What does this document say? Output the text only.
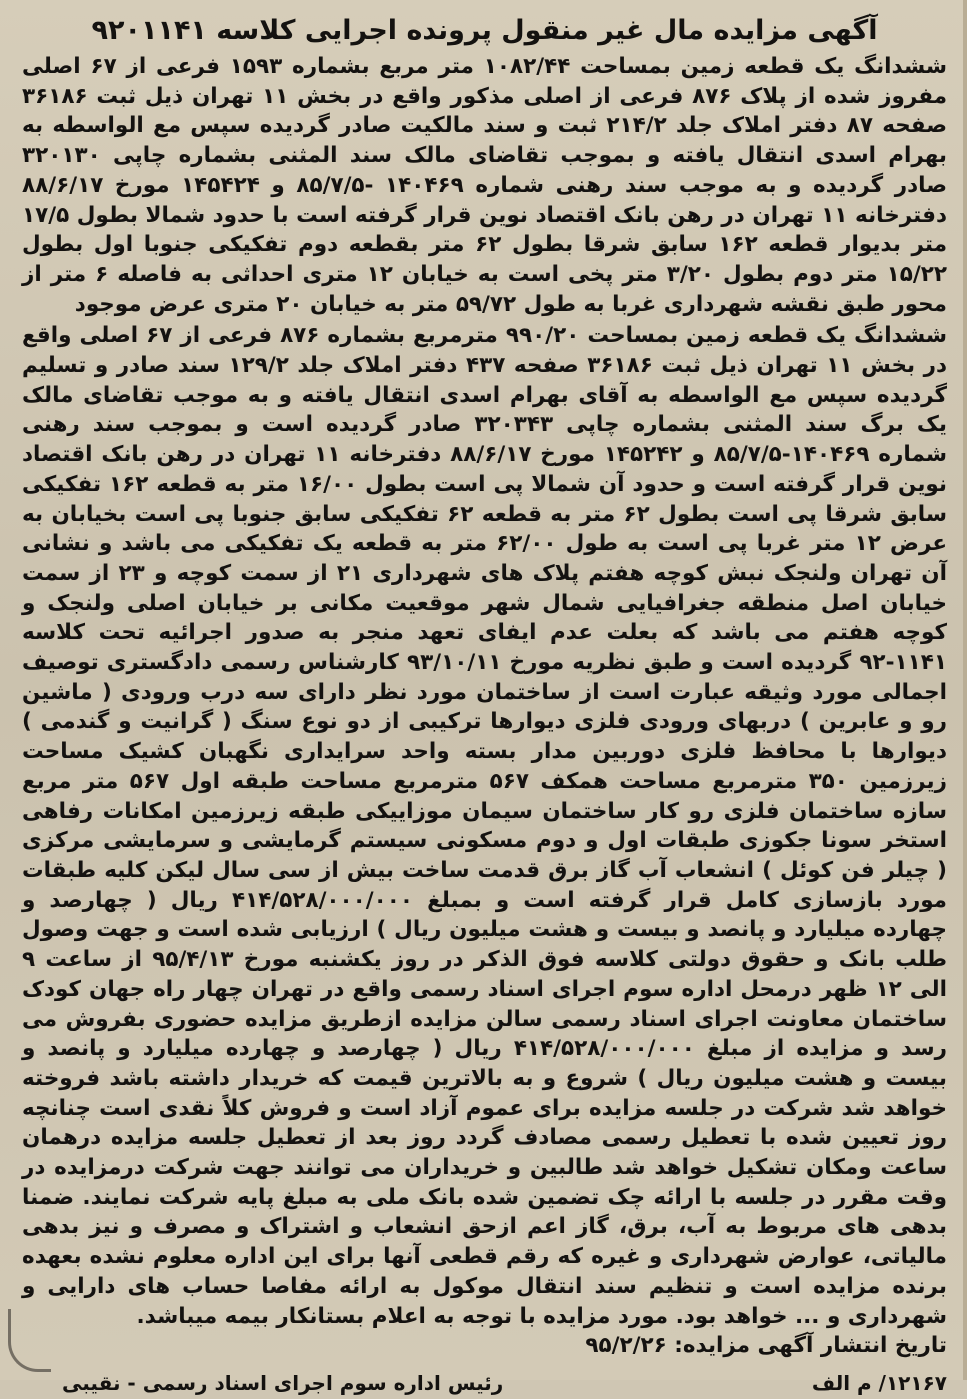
آگهی مزایده مال غیر منقول پرونده اجرایی کلاسه ۹۲۰۱۱۴۱

ششدانگ یک قطعه زمین بمساحت ۱۰۸۲/۴۴ متر مربع بشماره ۱۵۹۳ فرعی از ۶۷ اصلی مفروز شده از پلاک ۸۷۶ فرعی از اصلی مذکور واقع در بخش ۱۱ تهران ذیل ثبت ۳۶۱۸۶ صفحه ۸۷ دفتر املاک جلد ۲۱۴/۲ ثبت و سند مالکیت صادر گردیده سپس مع الواسطه به بهرام اسدی انتقال یافته و بموجب تقاضای مالک سند المثنی بشماره چاپی ۳۲۰۱۳۰ صادر گردیده و به موجب سند رهنی شماره ۱۴۰۴۶۹ -۸۵/۷/۵ و ۱۴۵۴۲۴ مورخ ۸۸/۶/۱۷ دفترخانه ۱۱ تهران در رهن بانک اقتصاد نوین قرار گرفته است با حدود شمالا بطول ۱۷/۵ متر بدیوار قطعه ۱۶۲ سابق شرقا بطول ۶۲ متر بقطعه دوم تفکیکی جنوبا اول بطول ۱۵/۲۲ متر دوم بطول ۳/۲۰ متر پخی است به خیابان ۱۲ متری احداثی به فاصله ۶ متر از محور طبق نقشه شهرداری غربا به طول ۵۹/۷۲ متر به خیابان ۲۰ متری عرض موجود

ششدانگ یک قطعه زمین بمساحت ۹۹۰/۲۰ مترمربع بشماره ۸۷۶ فرعی از ۶۷ اصلی واقع در بخش ۱۱ تهران ذیل ثبت ۳۶۱۸۶ صفحه ۴۳۷ دفتر املاک جلد ۱۲۹/۲ سند صادر و تسلیم گردیده سپس مع الواسطه به آقای بهرام اسدی انتقال یافته و به موجب تقاضای مالک یک برگ سند المثنی بشماره چاپی ۳۲۰۳۴۳ صادر گردیده است و بموجب سند رهنی شماره ۱۴۰۴۶۹-۸۵/۷/۵ و ۱۴۵۲۴۲ مورخ ۸۸/۶/۱۷ دفترخانه ۱۱ تهران در رهن بانک اقتصاد نوین قرار گرفته است و حدود آن شمالا پی است بطول ۱۶/۰۰ متر به قطعه ۱۶۲ تفکیکی سابق شرقا پی است بطول ۶۲ متر به قطعه ۶۲ تفکیکی سابق جنوبا پی است بخیابان به عرض ۱۲ متر غربا پی است به طول ۶۲/۰۰ متر به قطعه یک تفکیکی می باشد و نشانی آن تهران ولنجک نبش کوچه هفتم پلاک های شهرداری ۲۱ از سمت کوچه و ۲۳ از سمت خیابان اصل منطقه جغرافیایی شمال شهر موقعیت مکانی بر خیابان اصلی ولنجک و کوچه هفتم می باشد که بعلت عدم ایفای تعهد منجر به صدور اجرائیه تحت کلاسه ۱۱۴۱-۹۲ گردیده است و طبق نظریه مورخ ۹۳/۱۰/۱۱ کارشناس رسمی دادگستری توصیف اجمالی مورد وثیقه عبارت است از ساختمان مورد نظر دارای سه درب ورودی ( ماشین رو و عابرین ) دربهای ورودی فلزی دیوارها ترکیبی از دو نوع سنگ ( گرانیت و گندمی ) دیوارها با محافظ فلزی دوربین مدار بسته واحد سرایداری نگهبان کشیک مساحت زیرزمین ۳۵۰ مترمربع مساحت همکف ۵۶۷ مترمربع مساحت طبقه اول ۵۶۷ متر مربع سازه ساختمان فلزی رو کار ساختمان سیمان موزاییکی طبقه زیرزمین امکانات رفاهی استخر سونا جکوزی طبقات اول و دوم مسکونی سیستم گرمایشی و سرمایشی مرکزی ( چیلر فن کوئل ) انشعاب آب گاز برق قدمت ساخت بیش از سی سال لیکن کلیه طبقات مورد بازسازی کامل قرار گرفته است و بمبلغ ۴۱۴/۵۲۸/۰۰۰/۰۰۰ ریال ( چهارصد و چهارده میلیارد و پانصد و بیست و هشت میلیون ریال ) ارزیابی شده است و جهت وصول طلب بانک و حقوق دولتی کلاسه فوق الذکر در روز یکشنبه مورخ ۹۵/۴/۱۳ از ساعت ۹ الی ۱۲ ظهر درمحل اداره سوم اجرای اسناد رسمی واقع در تهران چهار راه جهان کودک ساختمان معاونت اجرای اسناد رسمی سالن مزایده ازطریق مزایده حضوری بفروش می رسد و مزایده از مبلغ ۴۱۴/۵۲۸/۰۰۰/۰۰۰ ریال ( چهارصد و چهارده میلیارد و پانصد و بیست و هشت میلیون ریال ) شروع و به بالاترین قیمت که خریدار داشته باشد فروخته خواهد شد شرکت در جلسه مزایده برای عموم آزاد است و فروش کلاً نقدی است چنانچه روز تعیین شده با تعطیل رسمی مصادف گردد روز بعد از تعطیل جلسه مزایده درهمان ساعت ومکان تشکیل خواهد شد طالبین و خریداران می توانند جهت شرکت درمزایده در وقت مقرر در جلسه با ارائه چک تضمین شده بانک ملی به مبلغ پایه شرکت نمایند. ضمنا بدهی های مربوط به آب، برق، گاز اعم ازحق انشعاب و اشتراک و مصرف و نیز بدهی مالیاتی، عوارض شهرداری و غیره که رقم قطعی آنها برای این اداره معلوم نشده بعهده برنده مزایده است و تنظیم سند انتقال موکول به ارائه مفاصا حساب های دارایی و شهرداری و ... خواهد بود. مورد مزایده با توجه به اعلام بستانکار بیمه میباشد.

تاریخ انتشار آگهی مزایده: ۹۵/۲/۲۶

۱۲۱۶۷/ م الف
رئیس اداره سوم اجرای اسناد رسمی - نقیبی
